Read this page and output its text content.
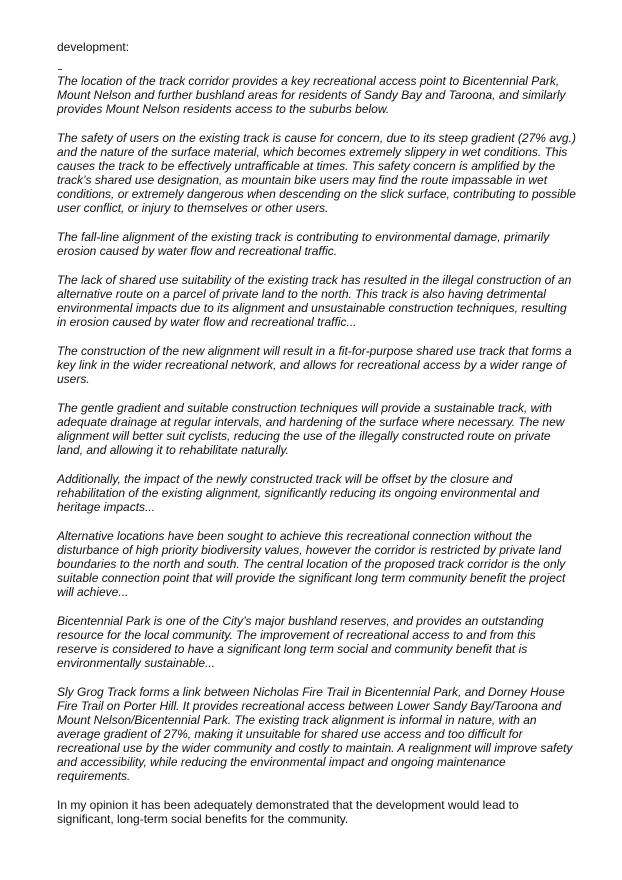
development:

The location of the track corridor provides a key recreational access point to Bicentennial Park, Mount Nelson and further bushland areas for residents of Sandy Bay and Taroona, and similarly provides Mount Nelson residents access to the suburbs below.

The safety of users on the existing track is cause for concern, due to its steep gradient (27% avg.) and the nature of the surface material, which becomes extremely slippery in wet conditions. This causes the track to be effectively untrafficable at times. This safety concern is amplified by the track’s shared use designation, as mountain bike users may find the route impassable in wet conditions, or extremely dangerous when descending on the slick surface, contributing to possible user conflict, or injury to themselves or other users.

The fall-line alignment of the existing track is contributing to environmental damage, primarily erosion caused by water flow and recreational traffic.

The lack of shared use suitability of the existing track has resulted in the illegal construction of an alternative route on a parcel of private land to the north. This track is also having detrimental environmental impacts due to its alignment and unsustainable construction techniques, resulting in erosion caused by water flow and recreational traffic...

The construction of the new alignment will result in a fit-for-purpose shared use track that forms a key link in the wider recreational network, and allows for recreational access by a wider range of users.

The gentle gradient and suitable construction techniques will provide a sustainable track, with adequate drainage at regular intervals, and hardening of the surface where necessary. The new alignment will better suit cyclists, reducing the use of the illegally constructed route on private land, and allowing it to rehabilitate naturally.

Additionally, the impact of the newly constructed track will be offset by the closure and rehabilitation of the existing alignment, significantly reducing its ongoing environmental and heritage impacts...

Alternative locations have been sought to achieve this recreational connection without the disturbance of high priority biodiversity values, however the corridor is restricted by private land boundaries to the north and south. The central location of the proposed track corridor is the only suitable connection point that will provide the significant long term community benefit the project will achieve...

Bicentennial Park is one of the City’s major bushland reserves, and provides an outstanding resource for the local community. The improvement of recreational access to and from this reserve is considered to have a significant long term social and community benefit that is environmentally sustainable...

Sly Grog Track forms a link between Nicholas Fire Trail in Bicentennial Park, and Dorney House Fire Trail on Porter Hill. It provides recreational access between Lower Sandy Bay/Taroona and Mount Nelson/Bicentennial Park. The existing track alignment is informal in nature, with an average gradient of 27%, making it unsuitable for shared use access and too difficult for recreational use by the wider community and costly to maintain. A realignment will improve safety and accessibility, while reducing the environmental impact and ongoing maintenance requirements.

In my opinion it has been adequately demonstrated that the development would lead to significant, long-term social benefits for the community.
